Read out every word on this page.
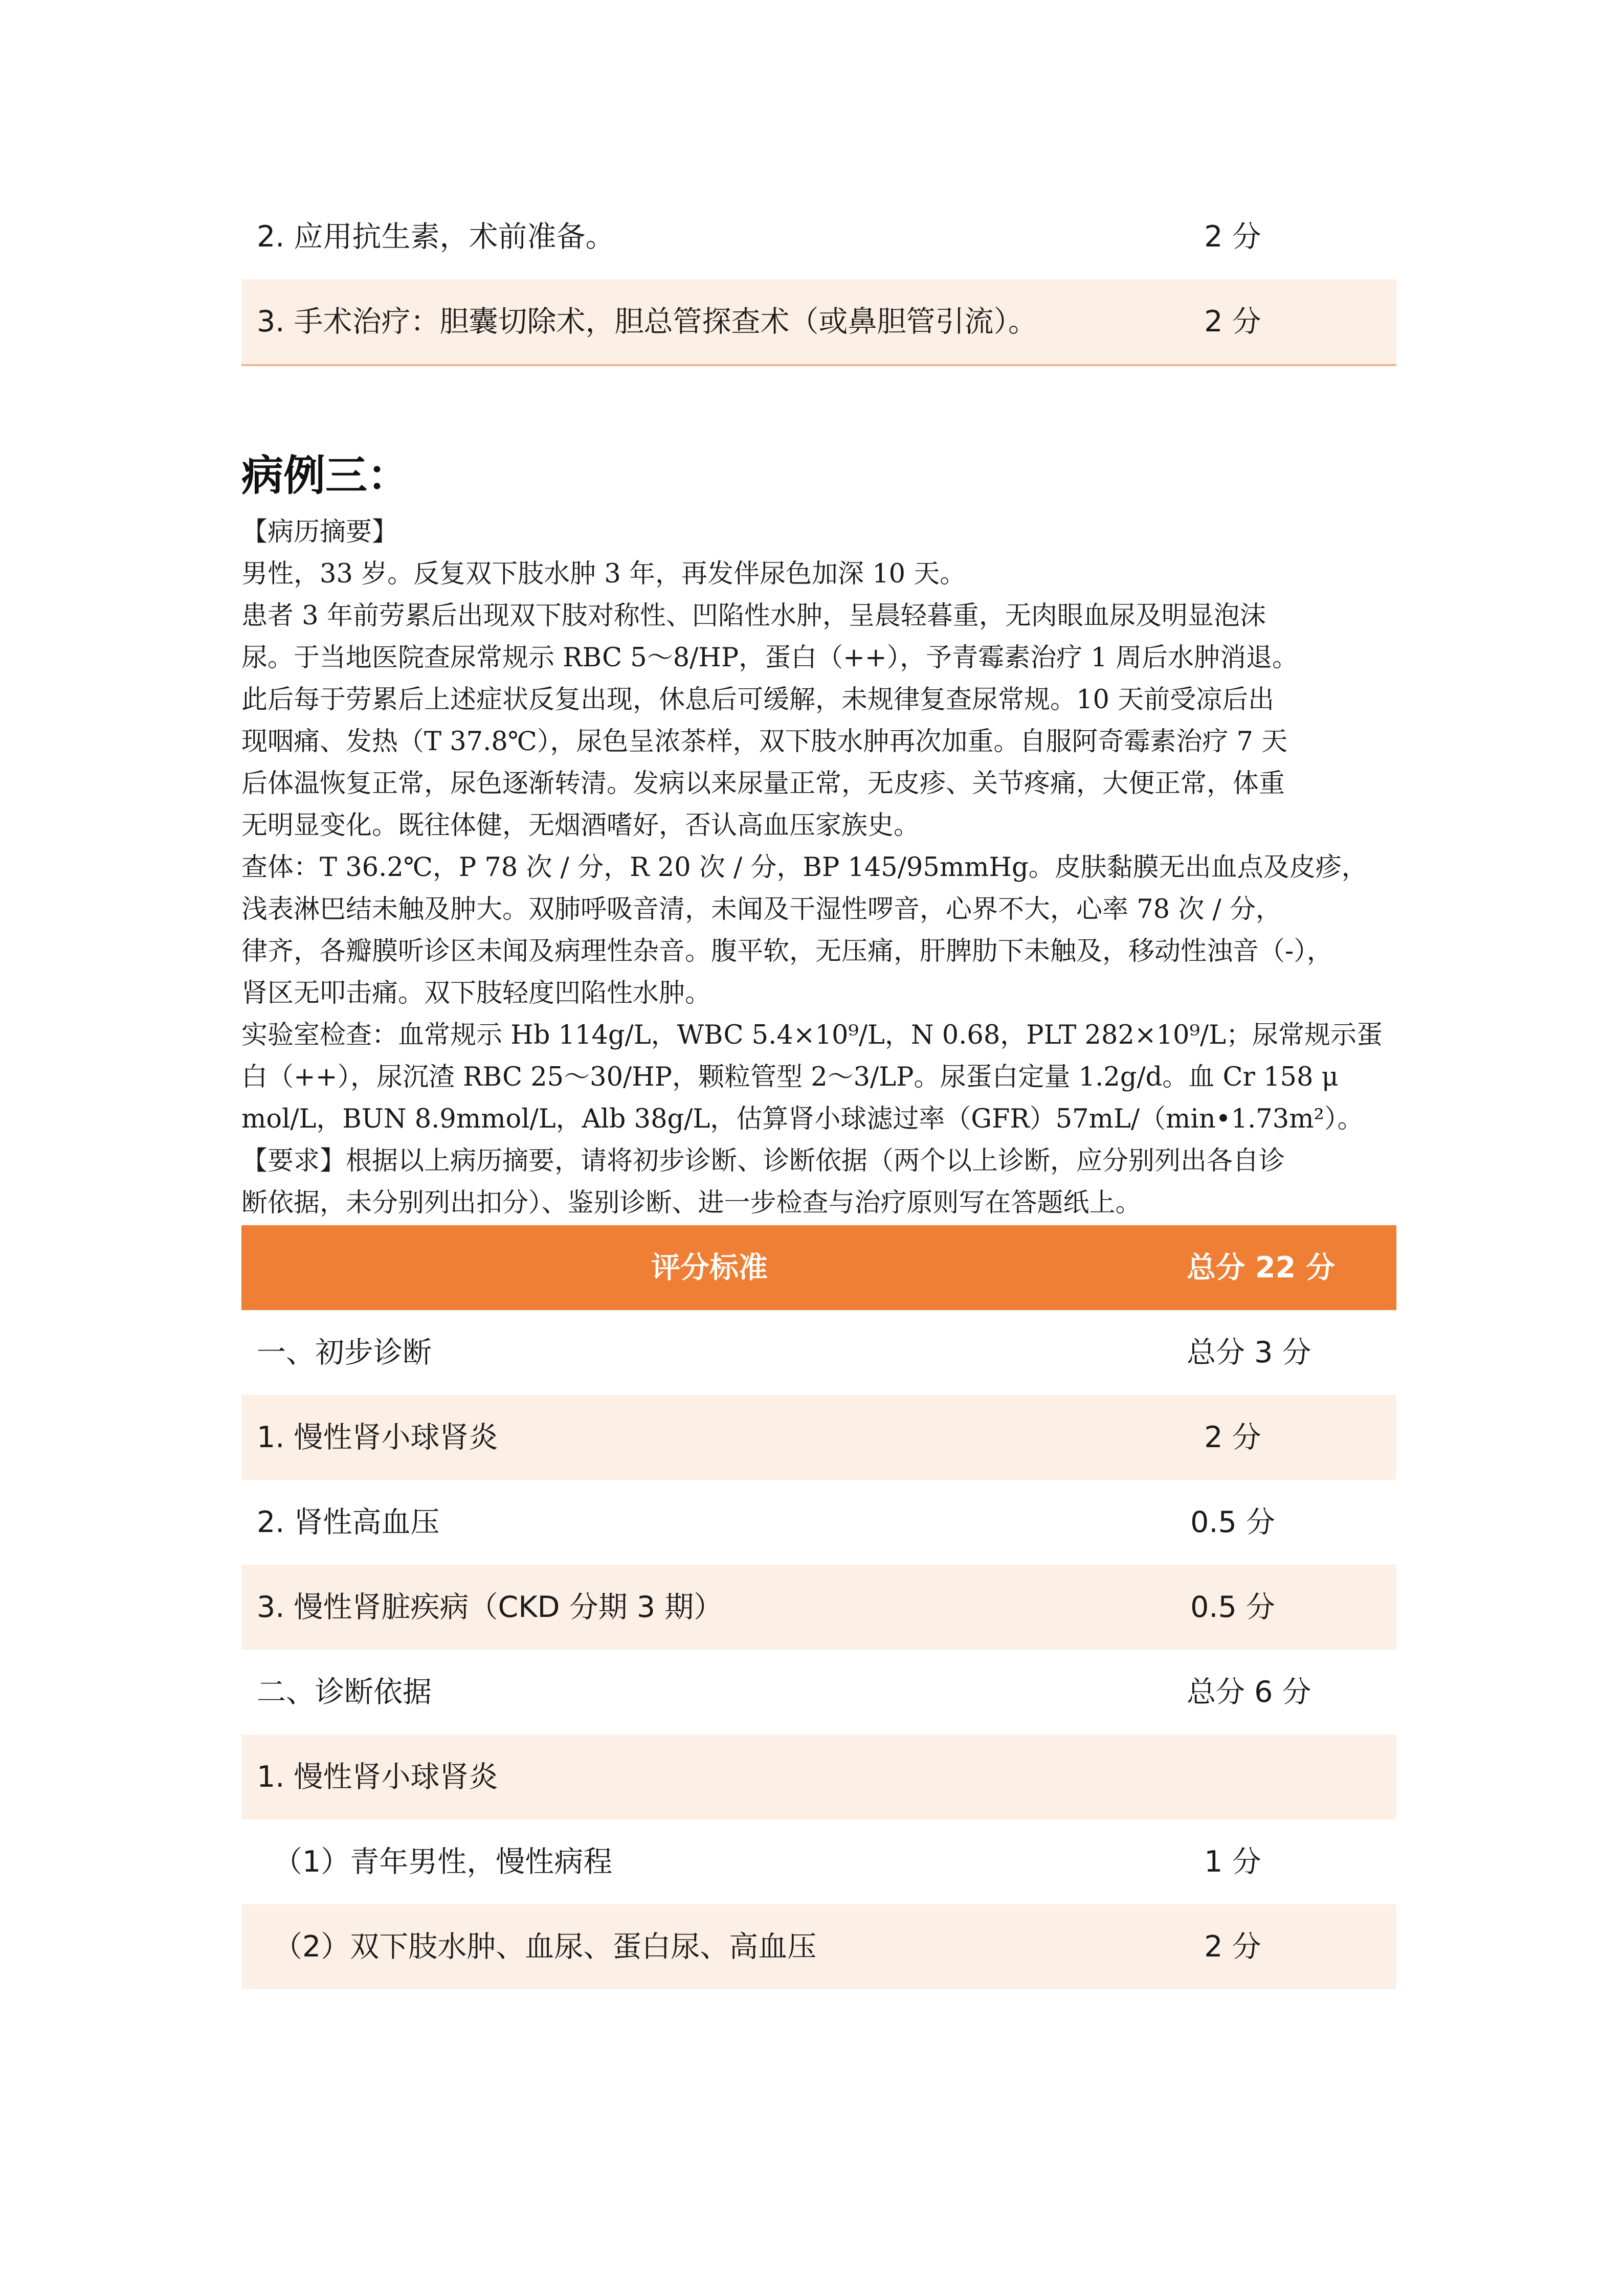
2. 应用抗生素，术前准备。	2 分
3. 手术治疗：胆囊切除术，胆总管探查术（或鼻胆管引流）。	2 分
病例三：
【病历摘要】
男性，33 岁。反复双下肢水肿 3 年，再发伴尿色加深 10 天。
患者 3 年前劳累后出现双下肢对称性、凹陷性水肿，呈晨轻暮重，无肉眼血尿及明显泡沫
尿。于当地医院查尿常规示 RBC 5～8/HP，蛋白（++），予青霉素治疗 1 周后水肿消退。
此后每于劳累后上述症状反复出现，休息后可缓解，未规律复查尿常规。10 天前受凉后出
现咽痛、发热（T 37.8℃），尿色呈浓茶样，双下肢水肿再次加重。自服阿奇霉素治疗 7 天
后体温恢复正常，尿色逐渐转清。发病以来尿量正常，无皮疹、关节疼痛，大便正常，体重
无明显变化。既往体健，无烟酒嗜好，否认高血压家族史。
查体：T 36.2℃，P 78 次 / 分，R 20 次 / 分，BP 145/95mmHg。皮肤黏膜无出血点及皮疹，
浅表淋巴结未触及肿大。双肺呼吸音清，未闻及干湿性啰音，心界不大，心率 78 次 / 分，
律齐，各瓣膜听诊区未闻及病理性杂音。腹平软，无压痛，肝脾肋下未触及，移动性浊音（-），
肾区无叩击痛。双下肢轻度凹陷性水肿。
实验室检查：血常规示 Hb 114g/L，WBC 5.4×10⁹/L，N 0.68，PLT 282×10⁹/L；尿常规示蛋
白（++），尿沉渣 RBC 25～30/HP，颗粒管型 2～3/LP。尿蛋白定量 1.2g/d。血 Cr 158 μ
mol/L，BUN 8.9mmol/L，Alb 38g/L，估算肾小球滤过率（GFR）57mL/（min•1.73m²）。
【要求】根据以上病历摘要，请将初步诊断、诊断依据（两个以上诊断，应分别列出各自诊
断依据，未分别列出扣分）、鉴别诊断、进一步检查与治疗原则写在答题纸上。
评分标准	总分 22 分
一、初步诊断	总分 3 分
1. 慢性肾小球肾炎	2 分
2. 肾性高血压	0.5 分
3. 慢性肾脏疾病（CKD 分期 3 期）	0.5 分
二、诊断依据	总分 6 分
1. 慢性肾小球肾炎
（1）青年男性，慢性病程	1 分
（2）双下肢水肿、血尿、蛋白尿、高血压	2 分
